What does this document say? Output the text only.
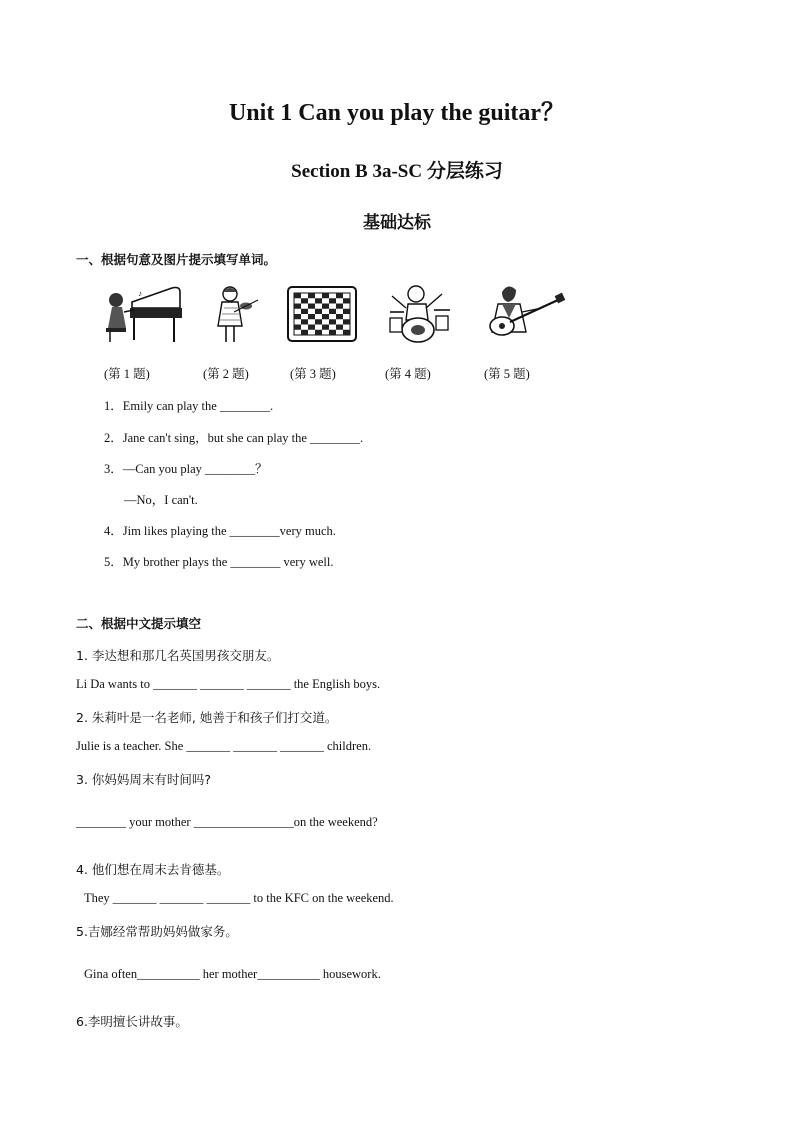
Unit 1 Can you play the guitar？
Section B 3a-SC 分层练习
基础达标
一、根据句意及图片提示填写单词。
♪
(第 1 题)	(第 2 题)	(第 3 题)	(第 4 题)	(第 5 题)
1．Emily can play the ________.
2．Jane can't sing，but she can play the ________.
3．—Can you play ________？
—No，I can't.
4．Jim likes playing the ________very much.
5．My brother plays the ________ very well.
二、根据中文提示填空
1. 李达想和那几名英国男孩交朋友。
Li Da wants to _______ _______ _______ the English boys.
2. 朱莉叶是一名老师, 她善于和孩子们打交道。
Julie is a teacher. She _______ _______ _______ children.
3. 你妈妈周末有时间吗?
________ your mother ________________on the weekend?
4. 他们想在周末去肯德基。
They _______ _______ _______ to the KFC on the weekend.
5.吉娜经常帮助妈妈做家务。
Gina often__________ her mother__________ housework.
6.李明擅长讲故事。
